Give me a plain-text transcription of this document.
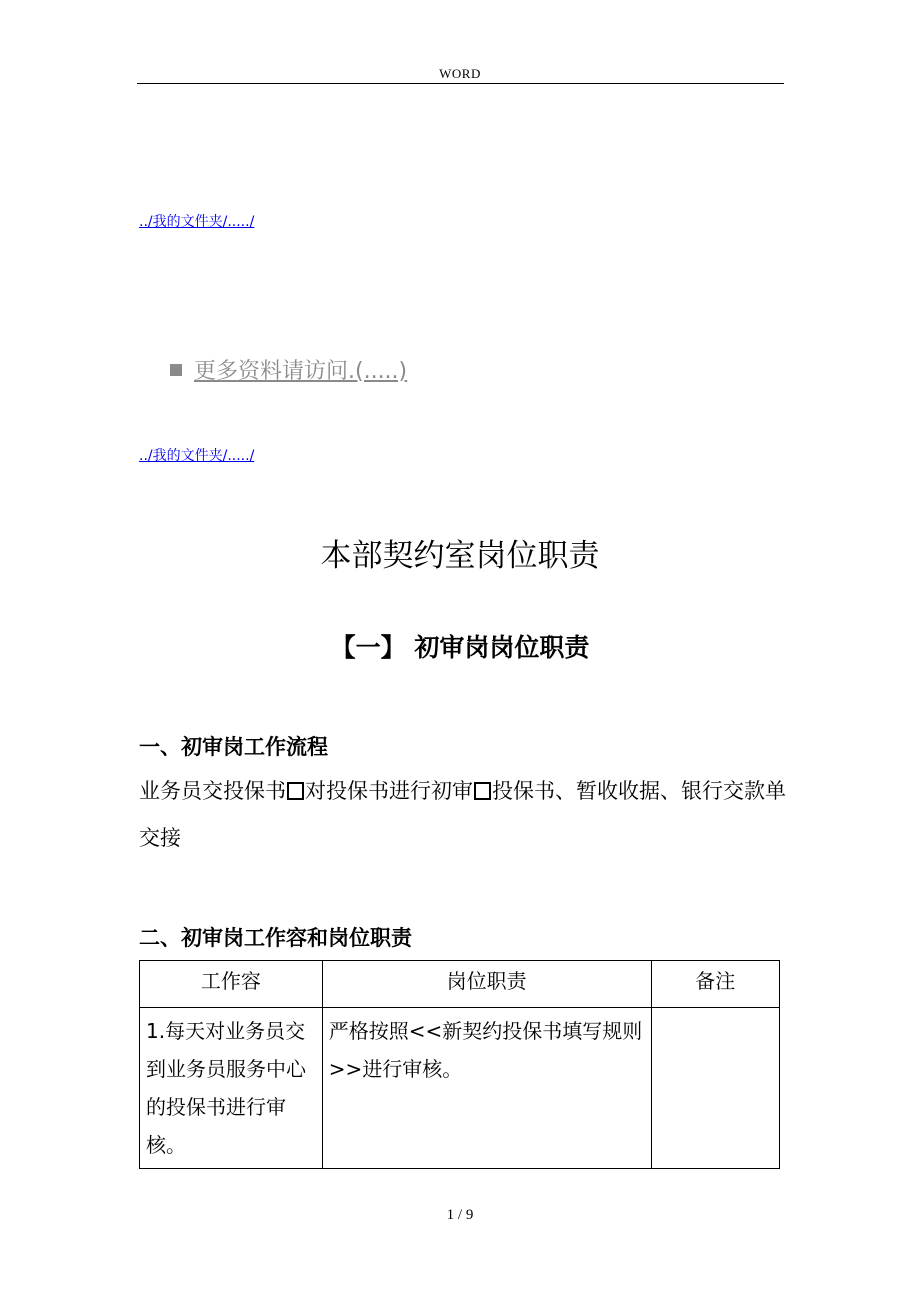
WORD
../我的文件夹/...../
更多资料请访问.(.....)
../我的文件夹/...../
本部契约室岗位职责
【一】 初审岗岗位职责
一、初审岗工作流程
业务员交投保书 对投保书进行初审 投保书、暂收收据、银行交款单交接
二、初审岗工作容和岗位职责
工作容	岗位职责	备注
1.每天对业务员交到业务员服务中心的投保书进行审核。	严格按照<<新契约投保书填写规则>>进行审核。	
1 / 9
